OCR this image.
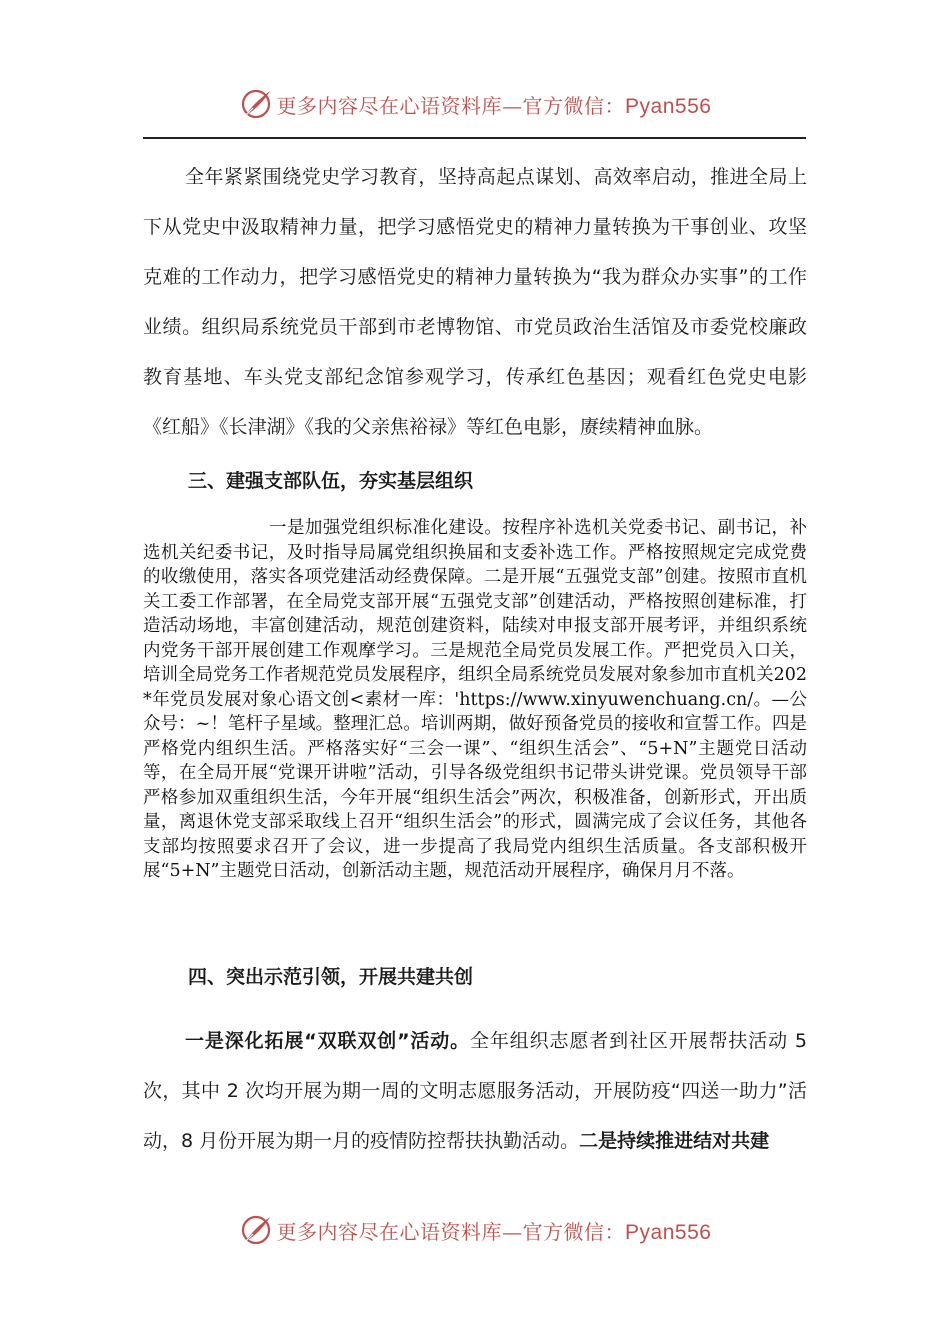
更多内容尽在心语资料库—官方微信：Pyan556

全年紧紧围绕党史学习教育，坚持高起点谋划、高效率启动，推进全局上下从党史中汲取精神力量，把学习感悟党史的精神力量转换为干事创业、攻坚克难的工作动力，把学习感悟党史的精神力量转换为“我为群众办实事”的工作业绩。组织局系统党员干部到市老博物馆、市党员政治生活馆及市委党校廉政教育基地、车头党支部纪念馆参观学习，传承红色基因；观看红色党史电影《红船》《长津湖》《我的父亲焦裕禄》等红色电影，赓续精神血脉。

三、建强支部队伍，夯实基层组织

一是加强党组织标准化建设。按程序补选机关党委书记、副书记，补选机关纪委书记，及时指导局属党组织换届和支委补选工作。严格按照规定完成党费的收缴使用，落实各项党建活动经费保障。二是开展“五强党支部”创建。按照市直机关工委工作部署，在全局党支部开展“五强党支部”创建活动，严格按照创建标准，打造活动场地，丰富创建活动，规范创建资料，陆续对申报支部开展考评，并组织系统内党务干部开展创建工作观摩学习。三是规范全局党员发展工作。严把党员入口关，培训全局党务工作者规范党员发展程序，组织全局系统党员发展对象参加市直机关202*年党员发展对象心语文创<素材一库：'https://www.xinyuwenchuang.cn/。—公众号：~！笔杆子星域。整理汇总。培训两期，做好预备党员的接收和宣誓工作。四是严格党内组织生活。严格落实好“三会一课”、“组织生活会”、“5+N”主题党日活动等，在全局开展“党课开讲啦”活动，引导各级党组织书记带头讲党课。党员领导干部严格参加双重组织生活，今年开展“组织生活会”两次，积极准备，创新形式，开出质量，离退休党支部采取线上召开“组织生活会”的形式，圆满完成了会议任务，其他各支部均按照要求召开了会议，进一步提高了我局党内组织生活质量。各支部积极开展“5+N”主题党日活动，创新活动主题，规范活动开展程序，确保月月不落。

四、突出示范引领，开展共建共创

一是深化拓展“双联双创”活动。全年组织志愿者到社区开展帮扶活动 5 次，其中 2 次均开展为期一周的文明志愿服务活动，开展防疫“四送一助力”活动，8 月份开展为期一月的疫情防控帮扶执勤活动。二是持续推进结对共建

更多内容尽在心语资料库—官方微信：Pyan556
